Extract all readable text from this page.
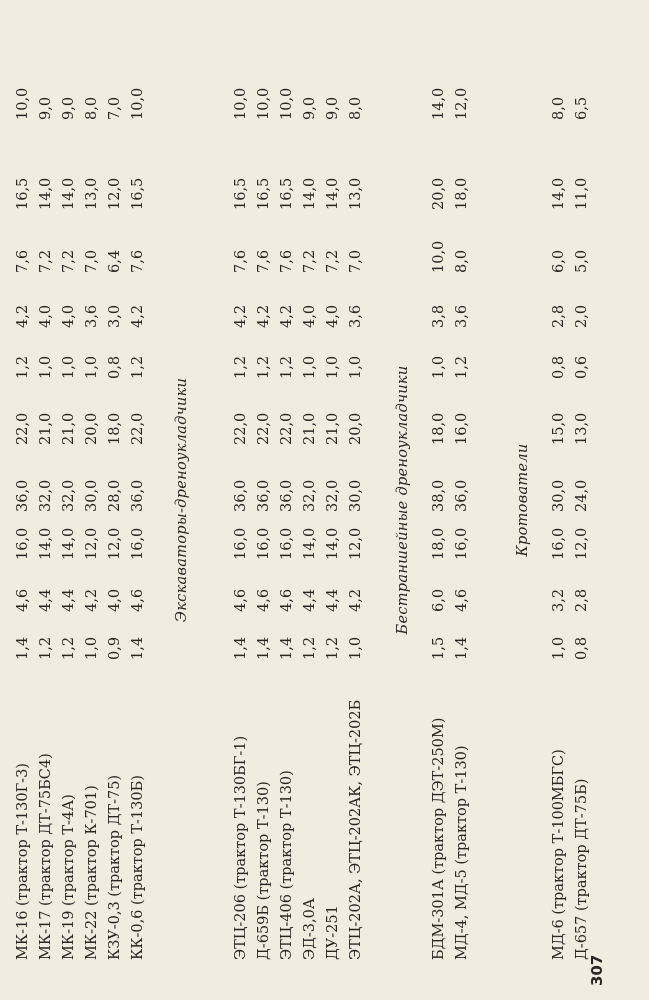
МК-16 (трактор Т-130Г-3)
1,4
4,6
16,0
36,0
22,0
1,2
4,2
7,6
16,5
10,0
МК-17 (трактор ДТ-75БС4)
1,2
4,4
14,0
32,0
21,0
1,0
4,0
7,2
14,0
9,0
МК-19 (трактор Т-4А)
1,2
4,4
14,0
32,0
21,0
1,0
4,0
7,2
14,0
9,0
МК-22 (трактор К-701)
1,0
4,2
12,0
30,0
20,0
1,0
3,6
7,0
13,0
8,0
КЗУ-0,3 (трактор ДТ-75)
0,9
4,0
12,0
28,0
18,0
0,8
3,0
6,4
12,0
7,0
КК-0,6 (трактор Т-130Б)
1,4
4,6
16,0
36,0
22,0
1,2
4,2
7,6
16,5
10,0
Экскаваторы-дреноукладчики
ЭТЦ-206 (трактор Т-130БГ-1)
1,4
4,6
16,0
36,0
22,0
1,2
4,2
7,6
16,5
10,0
Д-659Б (трактор Т-130)
1,4
4,6
16,0
36,0
22,0
1,2
4,2
7,6
16,5
10,0
ЭТЦ-406 (трактор Т-130)
1,4
4,6
16,0
36,0
22,0
1,2
4,2
7,6
16,5
10,0
ЭД-3,0А
1,2
4,4
14,0
32,0
21,0
1,0
4,0
7,2
14,0
9,0
ДУ-251
1,2
4,4
14,0
32,0
21,0
1,0
4,0
7,2
14,0
9,0
ЭТЦ-202А, ЭТЦ-202АК, ЭТЦ-202Б
1,0
4,2
12,0
30,0
20,0
1,0
3,6
7,0
13,0
8,0
Бестраншейные дреноукладчики
БДМ-301А (трактор ДЭТ-250М)
1,5
6,0
18,0
38,0
18,0
1,0
3,8
10,0
20,0
14,0
МД-4, МД-5 (трактор Т-130)
1,4
4,6
16,0
36,0
16,0
1,2
3,6
8,0
18,0
12,0
Кротователи
МД-6 (трактор Т-100МБГС)
1,0
3,2
16,0
30,0
15,0
0,8
2,8
6,0
14,0
8,0
Д-657 (трактор ДТ-75Б)
0,8
2,8
12,0
24,0
13,0
0,6
2,0
5,0
11,0
6,5
307
